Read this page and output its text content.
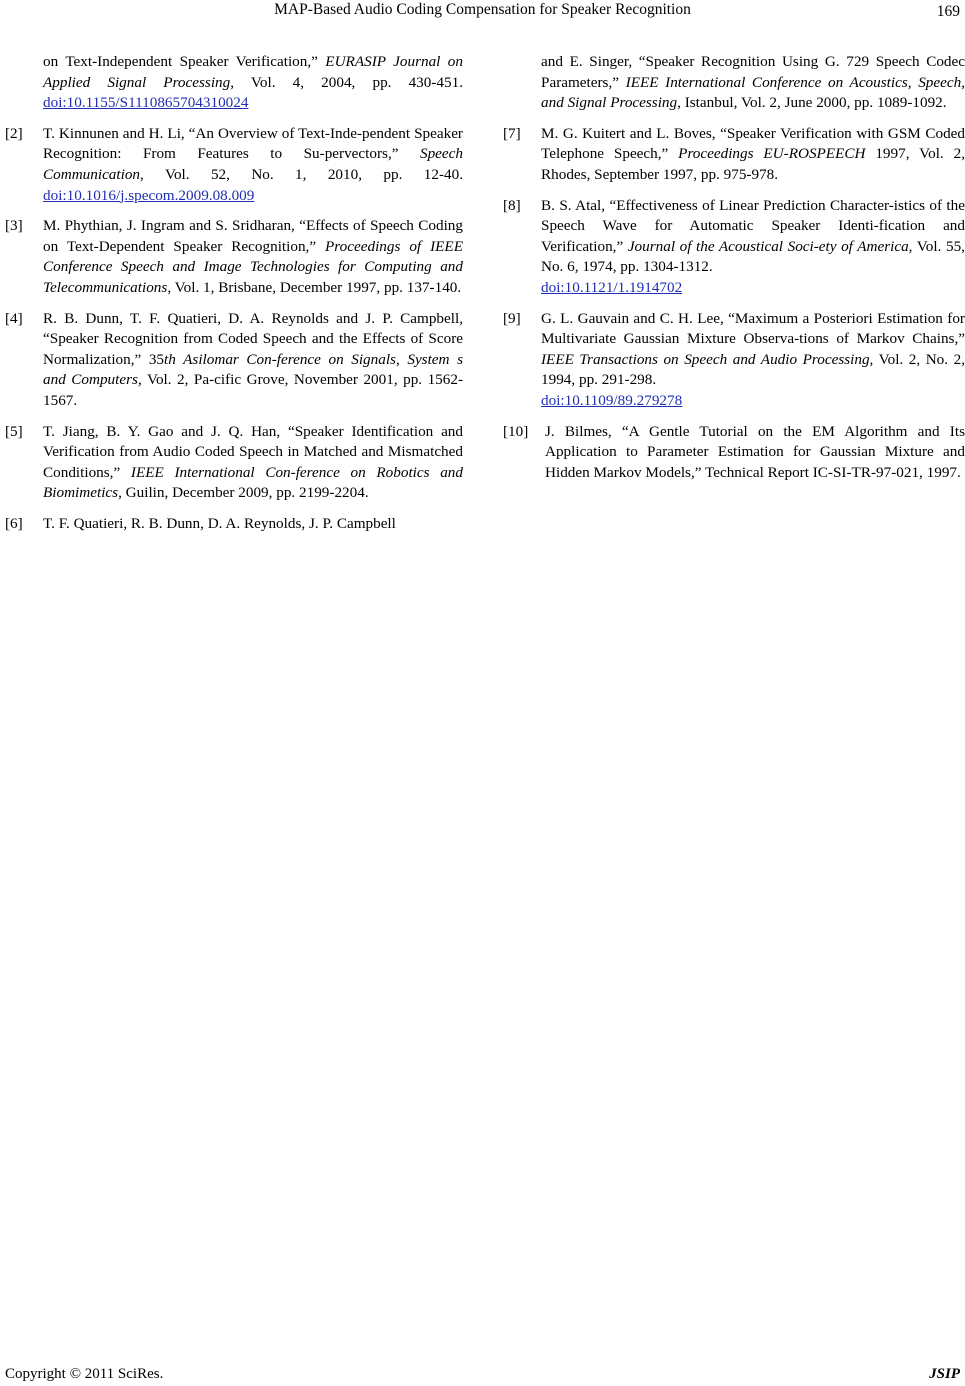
MAP-Based Audio Coding Compensation for Speaker Recognition	169
on Text-Independent Speaker Verification,” EURASIP Journal on Applied Signal Processing, Vol. 4, 2004, pp. 430-451. doi:10.1155/S1110865704310024
[2] T. Kinnunen and H. Li, “An Overview of Text-Inde-pendent Speaker Recognition: From Features to Su-pervectors,” Speech Communication, Vol. 52, No. 1, 2010, pp. 12-40. doi:10.1016/j.specom.2009.08.009
[3] M. Phythian, J. Ingram and S. Sridharan, “Effects of Speech Coding on Text-Dependent Speaker Recognition,” Proceedings of IEEE Conference Speech and Image Technologies for Computing and Telecommunications, Vol. 1, Brisbane, December 1997, pp. 137-140.
[4] R. B. Dunn, T. F. Quatieri, D. A. Reynolds and J. P. Campbell, “Speaker Recognition from Coded Speech and the Effects of Score Normalization,” 35th Asilomar Con-ference on Signals, System s and Computers, Vol. 2, Pa-cific Grove, November 2001, pp. 1562-1567.
[5] T. Jiang, B. Y. Gao and J. Q. Han, “Speaker Identification and Verification from Audio Coded Speech in Matched and Mismatched Conditions,” IEEE International Con-ference on Robotics and Biomimetics, Guilin, December 2009, pp. 2199-2204.
[6] T. F. Quatieri, R. B. Dunn, D. A. Reynolds, J. P. Campbell
and E. Singer, “Speaker Recognition Using G. 729 Speech Codec Parameters,” IEEE International Conference on Acoustics, Speech, and Signal Processing, Istanbul, Vol. 2, June 2000, pp. 1089-1092.
[7] M. G. Kuitert and L. Boves, “Speaker Verification with GSM Coded Telephone Speech,” Proceedings EU-ROSPEECH 1997, Vol. 2, Rhodes, September 1997, pp. 975-978.
[8] B. S. Atal, “Effectiveness of Linear Prediction Character-istics of the Speech Wave for Automatic Speaker Identi-fication and Verification,” Journal of the Acoustical Soci-ety of America, Vol. 55, No. 6, 1974, pp. 1304-1312.
doi:10.1121/1.1914702
[9] G. L. Gauvain and C. H. Lee, “Maximum a Posteriori Estimation for Multivariate Gaussian Mixture Observa-tions of Markov Chains,” IEEE Transactions on Speech and Audio Processing, Vol. 2, No. 2, 1994, pp. 291-298.
doi:10.1109/89.279278
[10] J. Bilmes, “A Gentle Tutorial on the EM Algorithm and Its Application to Parameter Estimation for Gaussian Mixture and Hidden Markov Models,” Technical Report IC-SI-TR-97-021, 1997.
Copyright © 2011 SciRes.	JSIP
